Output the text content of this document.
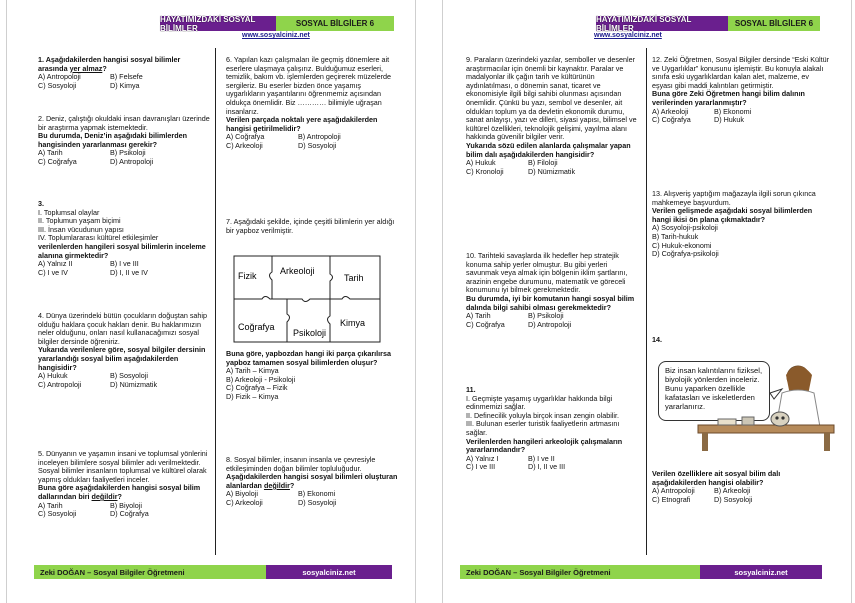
HAYATIMIZDAKİ SOSYAL BİLİMLER	SOSYAL BİLGİLER 6
www.sosyalciniz.net
1. Aşağıdakilerden hangisi sosyal bilimler arasında yer almaz?
A) Antropoloji	B) Felsefe
C) Sosyoloji	D) Kimya
2. Deniz, çalıştığı okuldaki insan davranışları üzerinde bir araştırma yapmak istemektedir.
Bu durumda, Deniz’in aşağıdaki bilimlerden hangisinden yararlanması gerekir?
A) Tarih	B) Psikoloji
C) Coğrafya	D) Antropoloji
3.
I. Toplumsal olaylar
II. Toplumun yaşam biçimi
III. İnsan vücudunun yapısı
IV. Toplumlararası kültürel etkileşimler
verilenlerden hangileri sosyal bilimlerin inceleme alanına girmektedir?
A) Yalnız II	B) I ve III
C) I ve IV	D) I, II ve IV
4. Dünya üzerindeki bütün çocukların doğuştan sahip olduğu haklara çocuk hakları denir. Bu haklarımızın neler olduğunu, onları nasıl kullanacağımızı sosyal bilgiler dersinde öğreniriz.
Yukarıda verilenlere göre, sosyal bilgiler dersinin yararlandığı sosyal bilim aşağıdakilerden hangisidir?
A) Hukuk	B) Sosyoloji
C) Antropoloji	D) Nümizmatik
5. Dünyanın ve yaşamın insani ve toplumsal yönlerini inceleyen bilimlere sosyal bilimler adı verilmektedir. Sosyal bilimler insanların toplumsal ve kültürel olarak yapmış oldukları faaliyetleri inceler.
Buna göre aşağıdakilerden hangisi sosyal bilim dallarından biri değildir?
A) Tarih	B) Biyoloji
C) Sosyoloji	D) Coğrafya
6. Yapılan kazı çalışmaları ile geçmiş dönemlere ait eserlere ulaşmaya çalışırız. Bulduğumuz eserleri, temizlik, bakım vb. işlemlerden geçirerek müzelerde sergileriz. Bu eserler bizden önce yaşamış uygarlıkların yaşantılarını öğrenmemiz açısından oldukça önemlidir. Biz ………… bilimiyle uğraşan insanlarız.
Verilen parçada noktalı yere aşağıdakilerden hangisi getirilmelidir?
A) Coğrafya	B) Antropoloji
C) Arkeoloji	D) Sosyoloji
7. Aşağıdaki şekilde, içinde çeşitli bilimlerin yer aldığı bir yapboz verilmiştir.
Fizik	Arkeoloji
Tarih
Coğrafya
Psikoloji
Kimya
Buna göre, yapbozdan hangi iki parça çıkarılırsa yapboz tamamen sosyal bilimlerden oluşur?
A) Tarih – Kimya
B) Arkeoloji - Psikoloji
C) Coğrafya – Fizik
D) Fizik – Kimya
8. Sosyal bilimler, insanın insanla ve çevresiyle etkileşiminden doğan bilimler topluluğudur.
Aşağıdakilerden hangisi sosyal bilimleri oluşturan alanlardan değildir?
A) Biyoloji	B) Ekonomi
C) Arkeoloji	D) Sosyoloji
Zeki DOĞAN – Sosyal Bilgiler Öğretmeni	sosyalciniz.net
HAYATIMIZDAKİ SOSYAL BİLİMLER	SOSYAL BİLGİLER 6
www.sosyalciniz.net
9. Paraların üzerindeki yazılar, semboller ve desenler araştırmacılar için önemli bir kaynaktır. Paralar ve madalyonlar ilk çağın tarih ve kültürünün aydınlatılması, o dönemin sanat, ticaret ve ekonomisiyle ilgili bilgi sahibi olunması açısından önemlidir. Çünkü bu yazı, sembol ve desenler, ait oldukları toplum ya da devletin ekonomik durumu, sanat anlayışı, yazı ve dilleri, siyasi yapısı, bilimsel ve kültürel özellikleri, teknolojik gelişimi, yayılma alanı hakkında güvenilir bilgiler verir.
Yukarıda sözü edilen alanlarda çalışmalar yapan bilim dalı aşağıdakilerden hangisidir?
A) Hukuk	B) Filoloji
C) Kronoloji	D) Nümizmatik
10. Tarihteki savaşlarda ilk hedefler hep stratejik konuma sahip yerler olmuştur. Bu gibi yerleri savunmak veya almak için bölgenin iklim şartlarını, arazinin engebe durumunu, matematik ve göreceli konumunu iyi bilmek gerekmektedir.
Bu durumda, iyi bir komutanın hangi sosyal bilim dalında bilgi sahibi olması gerekmektedir?
A) Tarih	B) Psikoloji
C) Coğrafya	D) Antropoloji
11.
I. Geçmişte yaşamış uygarlıklar hakkında bilgi edinmemizi sağlar.
II. Definecilik yoluyla birçok insan zengin olabilir.
III. Bulunan eserler turistik faaliyetlerin artmasını sağlar.
Verilenlerden hangileri arkeolojik çalışmaların yararlarındandır?
A) Yalnız I	B) I ve II
C) I ve III	D) I, II ve III
12. Zeki Öğretmen, Sosyal Bilgiler dersinde “Eski Kültür ve Uygarlıklar” konusunu işlemiştir. Bu konuyla alakalı sınıfa eski uygarlıklardan kalan alet, malzeme, ev eşyası gibi maddi kalıntıları getirmiştir.
Buna göre Zeki Öğretmen hangi bilim dalının verilerinden yararlanmıştır?
A) Arkeoloji	B) Ekonomi
C) Coğrafya	D) Hukuk
13. Alışveriş yaptığım mağazayla ilgili sorun çıkınca mahkemeye başvurdum.
Verilen gelişmede aşağıdaki sosyal bilimlerden hangi ikisi ön plana çıkmaktadır?
A) Sosyoloji-psikoloji
B) Tarih-hukuk
C) Hukuk-ekonomi
D) Coğrafya-psikoloji
14.
Biz insan kalıntılarını fiziksel, biyolojik yönlerden inceleriz. Bunu yaparken özellikle kafatasları ve iskeletlerden yararlanırız.
Verilen özelliklere ait sosyal bilim dalı aşağıdakilerden hangisi olabilir?
A) Antropoloji	B) Arkeoloji
C) Etnografi	D) Sosyoloji
Zeki DOĞAN – Sosyal Bilgiler Öğretmeni	sosyalciniz.net
